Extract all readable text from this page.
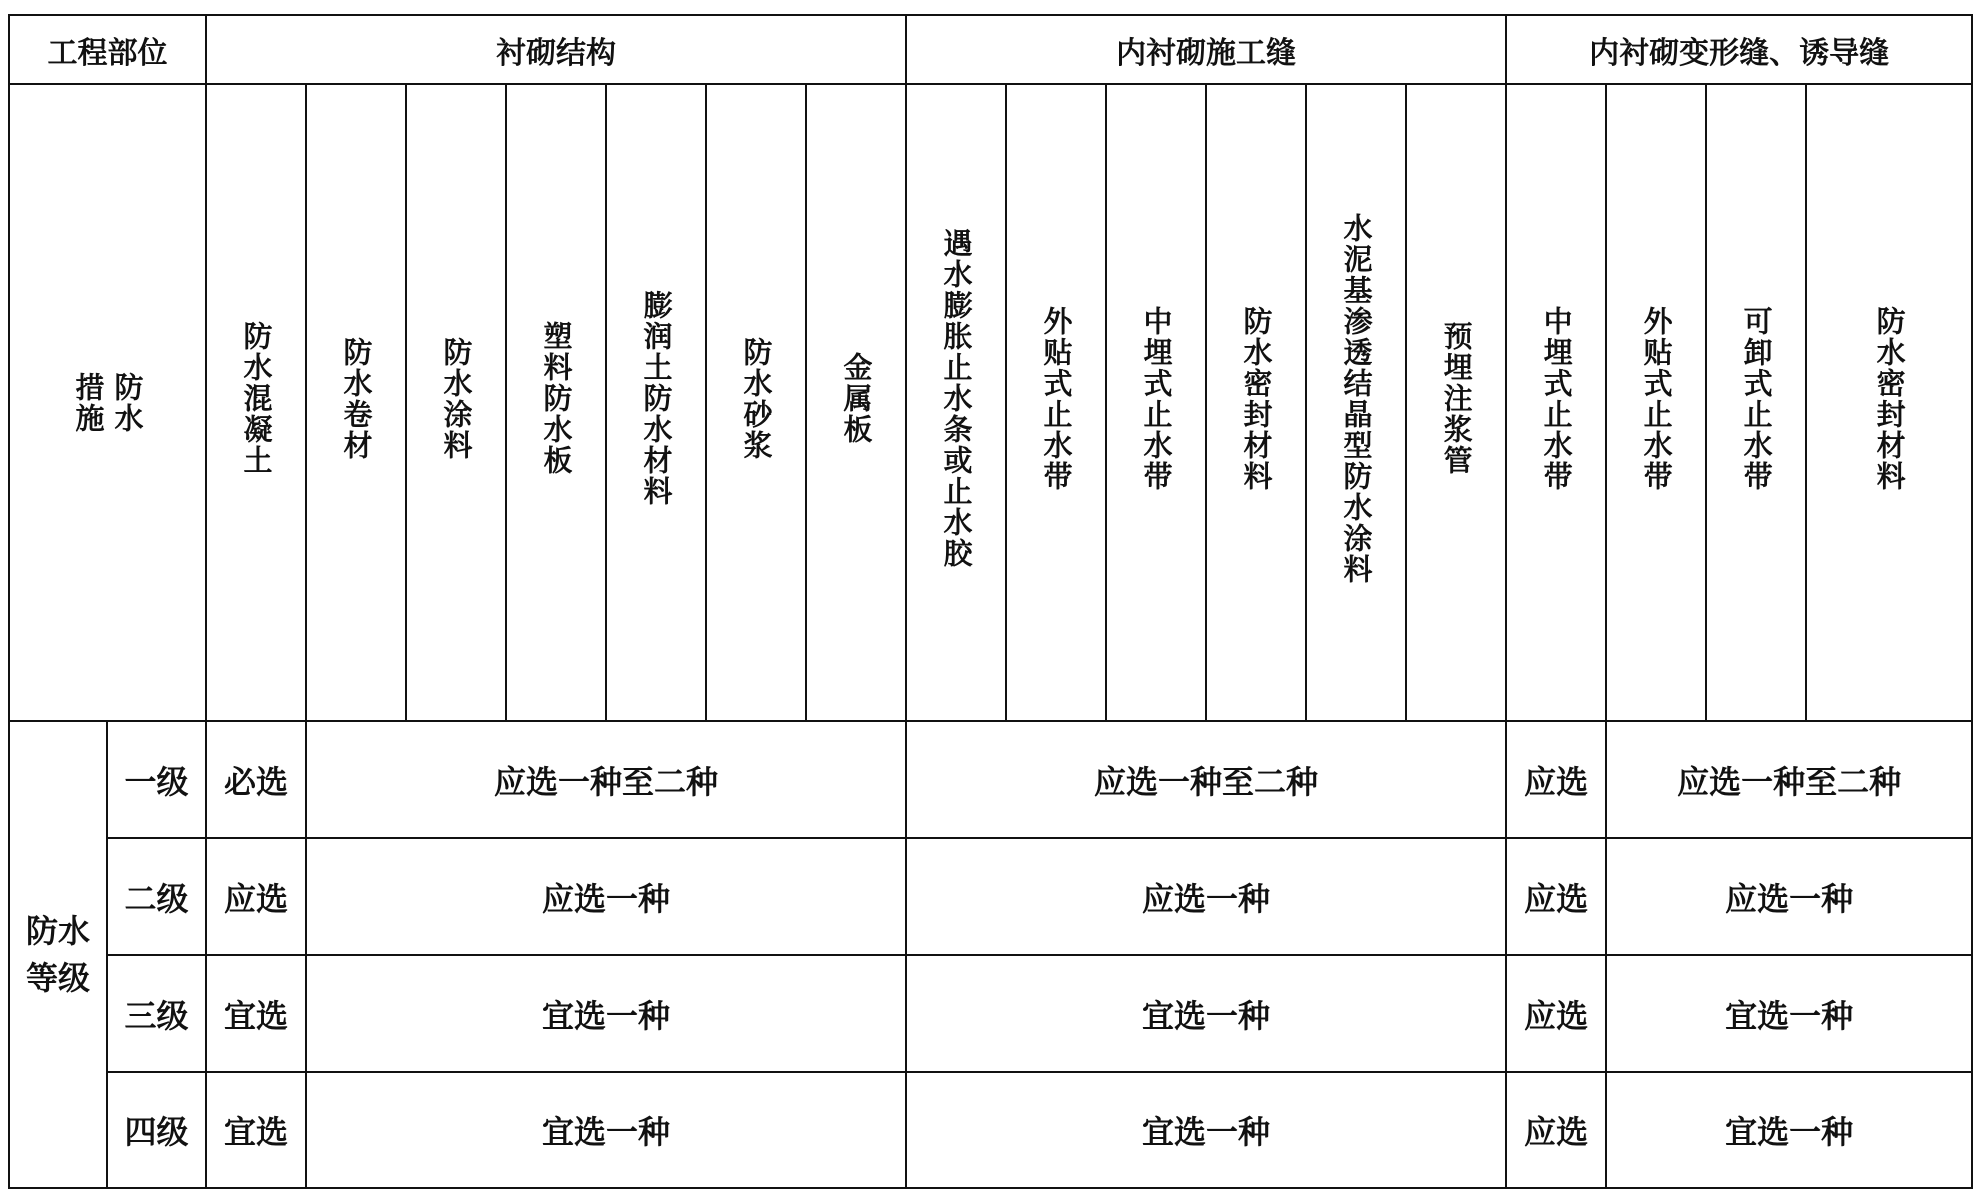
工程部位		衬砌结构							内衬砌施工缝						内衬砌变形缝、诱导缝			

防水
措施		防水混凝土	防水卷材	防水涂料	塑料防水板	膨润土防水材料	防水砂浆	金属板	遇水膨胀止水条或止水胶	外贴式止水带	中埋式止水带	防水密封材料	水泥基渗透结晶型防水涂料	预埋注浆管	中埋式止水带	外贴式止水带	可卸式止水带	防水密封材料
防水等级	一级	必选	应选一种至二种						应选一种至二种						应选	应选一种至二种		
	二级	应选	应选一种						应选一种						应选	应选一种		
	三级	宜选	宜选一种						宜选一种						应选	宜选一种		
	四级	宜选	宜选一种						宜选一种						应选	宜选一种		
